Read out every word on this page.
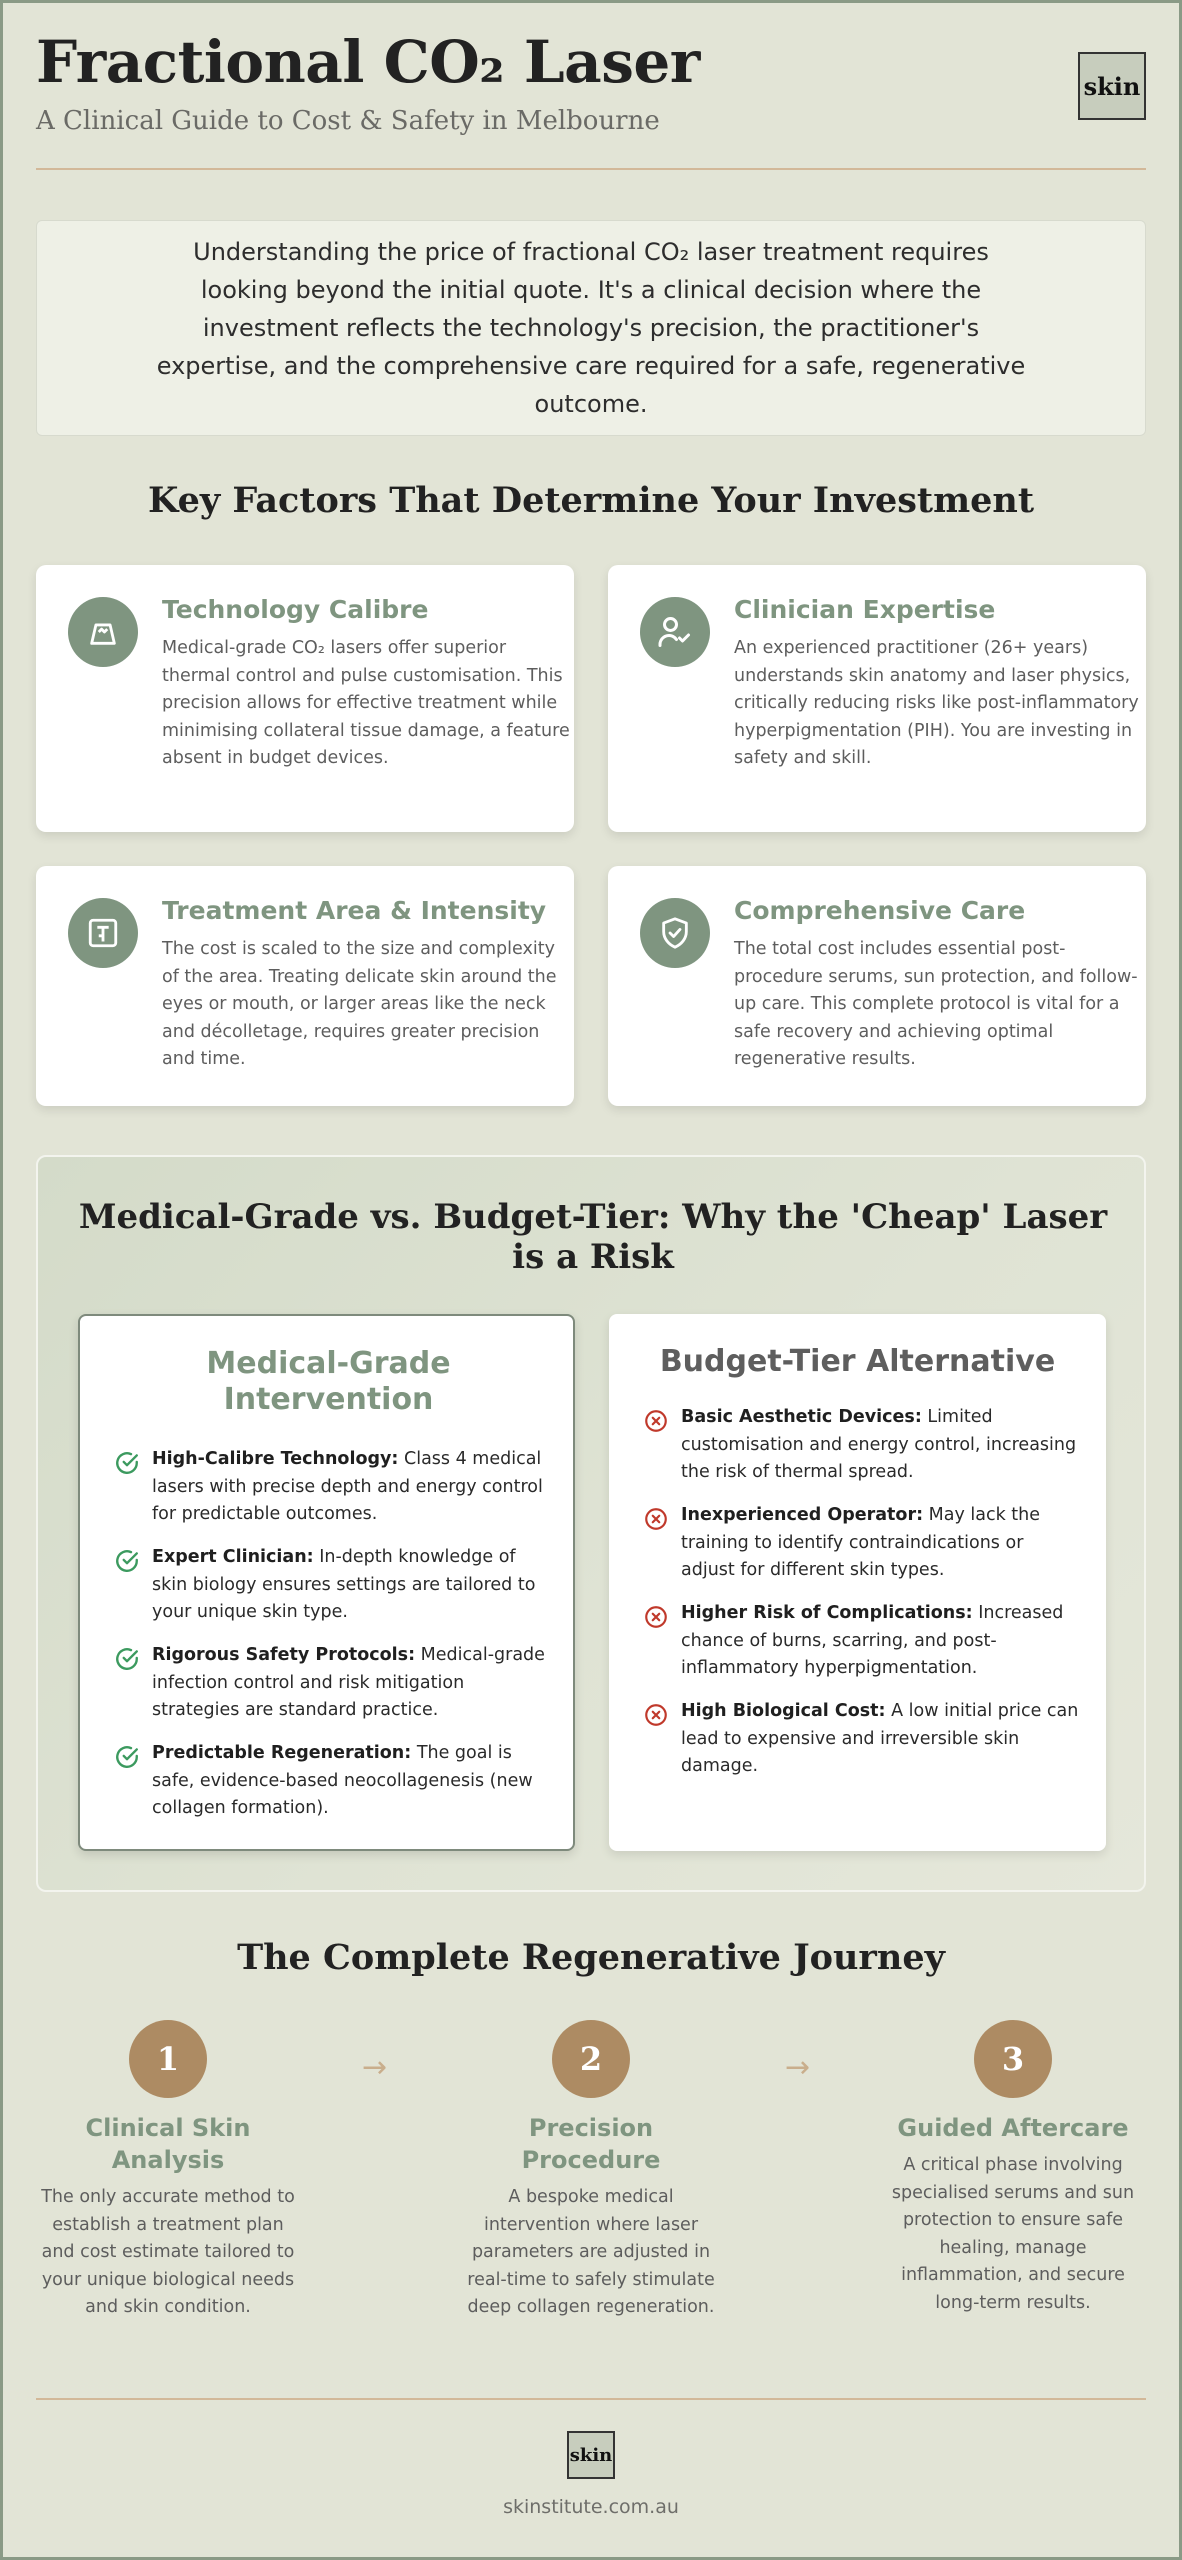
Fractional CO₂ Laser
A Clinical Guide to Cost & Safety in Melbourne
skin

Understanding the price of fractional CO₂ laser treatment requires looking beyond the initial quote. It's a clinical decision where the investment reflects the technology's precision, the practitioner's expertise, and the comprehensive care required for a safe, regenerative outcome.

Key Factors That Determine Your Investment
Technology Calibre
Medical-grade CO₂ lasers offer superior thermal control and pulse customisation. This precision allows for effective treatment while minimising collateral tissue damage, a feature absent in budget devices.
Clinician Expertise
An experienced practitioner (26+ years) understands skin anatomy and laser physics, critically reducing risks like post-inflammatory hyperpigmentation (PIH). You are investing in safety and skill.
Treatment Area & Intensity
The cost is scaled to the size and complexity of the area. Treating delicate skin around the eyes or mouth, or larger areas like the neck and décolletage, requires greater precision and time.
Comprehensive Care
The total cost includes essential post-procedure serums, sun protection, and follow-up care. This complete protocol is vital for a safe recovery and achieving optimal regenerative results.
Medical-Grade vs. Budget-Tier: Why the 'Cheap' Laser is a Risk
Medical-Grade Intervention
High-Calibre Technology: Class 4 medical lasers with precise depth and energy control for predictable outcomes.
Expert Clinician: In-depth knowledge of skin biology ensures settings are tailored to your unique skin type.
Rigorous Safety Protocols: Medical-grade infection control and risk mitigation strategies are standard practice.
Predictable Regeneration: The goal is safe, evidence-based neocollagenesis (new collagen formation).
Budget-Tier Alternative
Basic Aesthetic Devices: Limited customisation and energy control, increasing the risk of thermal spread.
Inexperienced Operator: May lack the training to identify contraindications or adjust for different skin types.
Higher Risk of Complications: Increased chance of burns, scarring, and post-inflammatory hyperpigmentation.
High Biological Cost: A low initial price can lead to expensive and irreversible skin damage.
The Complete Regenerative Journey
1
Clinical Skin Analysis
The only accurate method to establish a treatment plan and cost estimate tailored to your unique biological needs and skin condition.
→	2
Precision Procedure
A bespoke medical intervention where laser parameters are adjusted in real-time to safely stimulate deep collagen regeneration.
→	3
Guided Aftercare
A critical phase involving specialised serums and sun protection to ensure safe healing, manage inflammation, and secure long-term results.
skin
skinstitute.com.au
